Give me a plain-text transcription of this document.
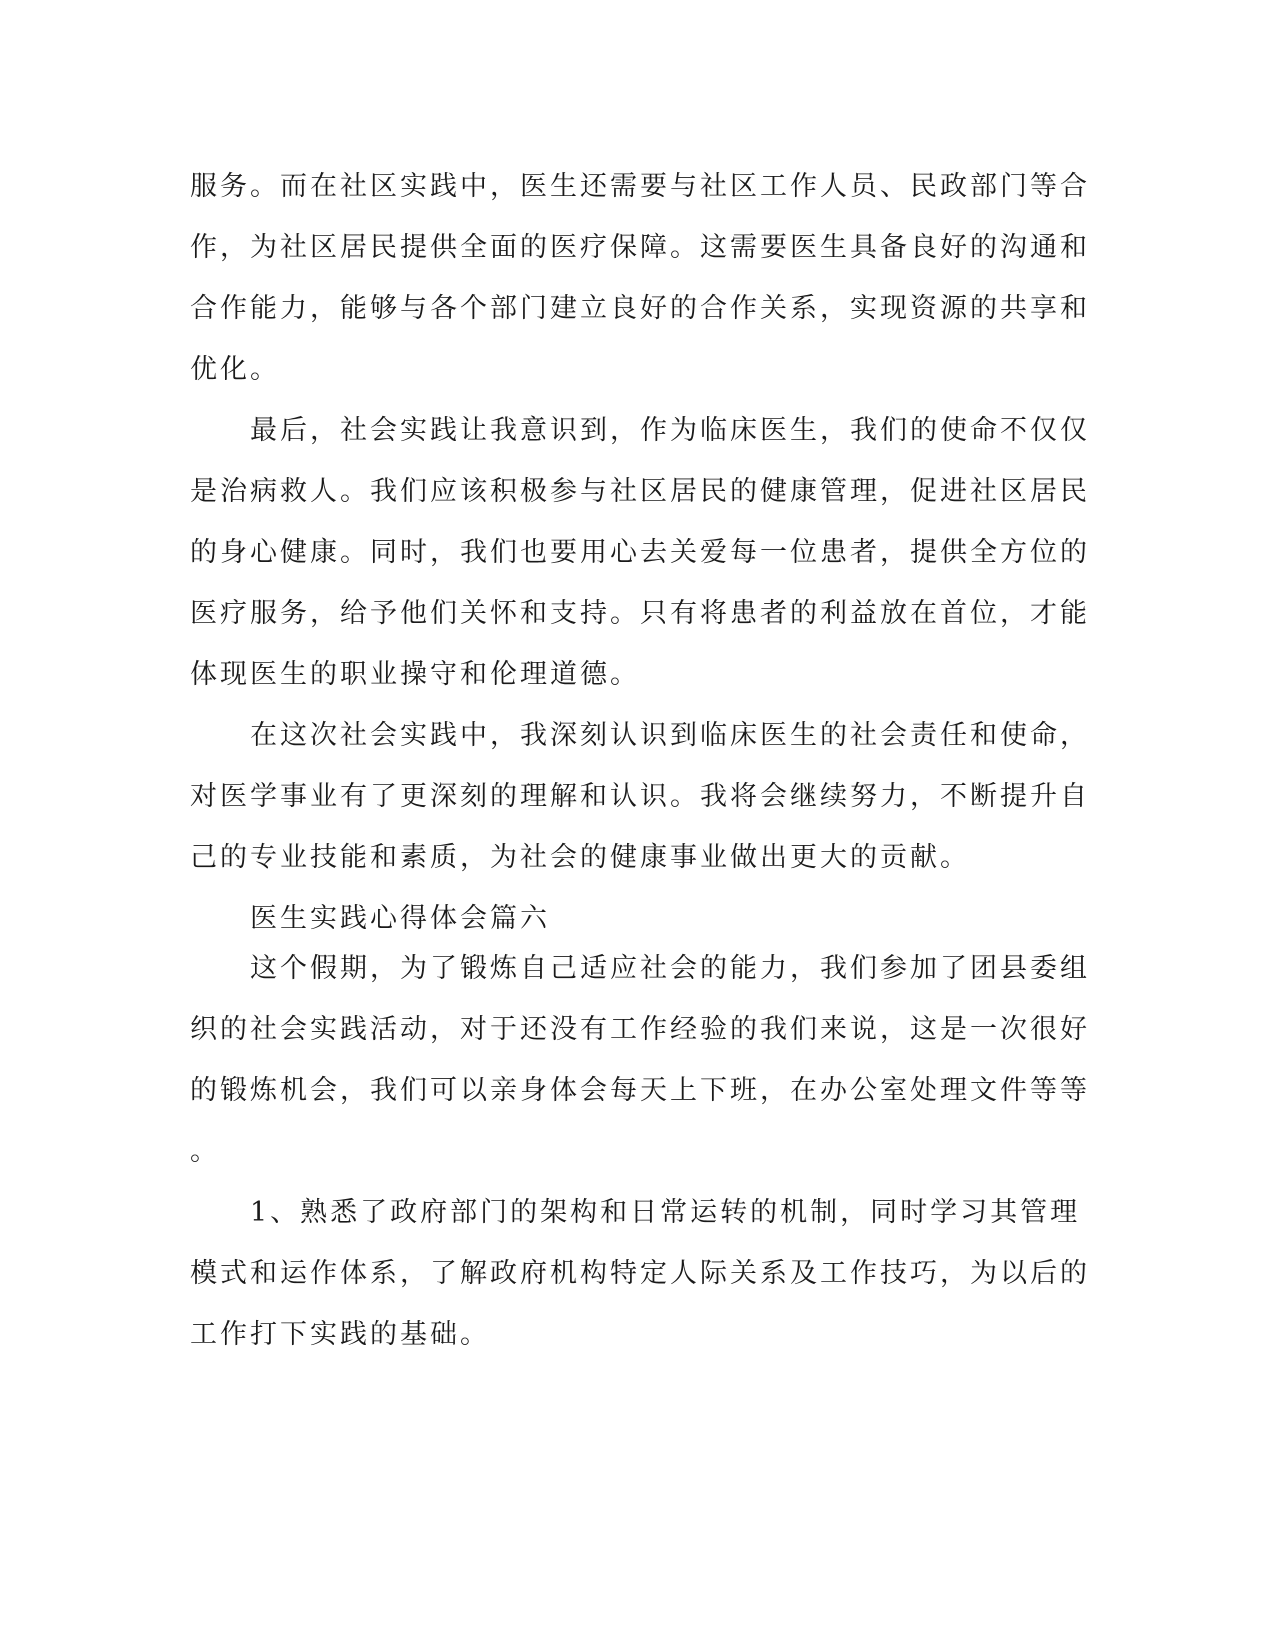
服务。而在社区实践中，医生还需要与社区工作人员、民政部门等合
作，为社区居民提供全面的医疗保障。这需要医生具备良好的沟通和
合作能力，能够与各个部门建立良好的合作关系，实现资源的共享和
优化。
　　最后，社会实践让我意识到，作为临床医生，我们的使命不仅仅
是治病救人。我们应该积极参与社区居民的健康管理，促进社区居民
的身心健康。同时，我们也要用心去关爱每一位患者，提供全方位的
医疗服务，给予他们关怀和支持。只有将患者的利益放在首位，才能
体现医生的职业操守和伦理道德。
　　在这次社会实践中，我深刻认识到临床医生的社会责任和使命，
对医学事业有了更深刻的理解和认识。我将会继续努力，不断提升自
己的专业技能和素质，为社会的健康事业做出更大的贡献。
　　医生实践心得体会篇六
　　这个假期，为了锻炼自己适应社会的能力，我们参加了团县委组
织的社会实践活动，对于还没有工作经验的我们来说，这是一次很好
的锻炼机会，我们可以亲身体会每天上下班，在办公室处理文件等等
。
　　1、熟悉了政府部门的架构和日常运转的机制，同时学习其管理
模式和运作体系，了解政府机构特定人际关系及工作技巧，为以后的
工作打下实践的基础。
